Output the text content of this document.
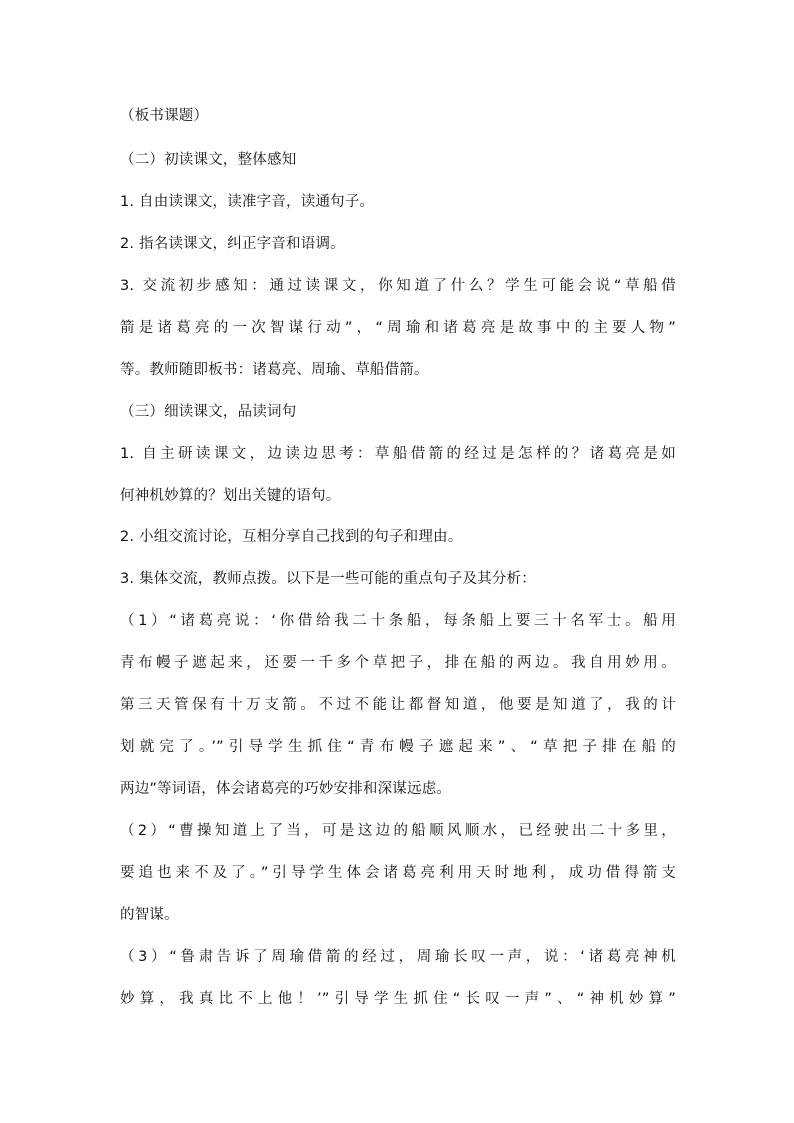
（板书课题）
（二）初读课文，整体感知
1. 自由读课文，读准字音，读通句子。
2. 指名读课文，纠正字音和语调。
3. 交流初步感知：通过读课文，你知道了什么？学生可能会说“草船借
箭是诸葛亮的一次智谋行动”，“周瑜和诸葛亮是故事中的主要人物”
等。教师随即板书：诸葛亮、周瑜、草船借箭。
（三）细读课文，品读词句
1. 自主研读课文，边读边思考：草船借箭的经过是怎样的？诸葛亮是如
何神机妙算的？划出关键的语句。
2. 小组交流讨论，互相分享自己找到的句子和理由。
3. 集体交流，教师点拨。以下是一些可能的重点句子及其分析：
（1）“诸葛亮说：‘你借给我二十条船，每条船上要三十名军士。船用
青布幔子遮起来，还要一千多个草把子，排在船的两边。我自用妙用。
第三天管保有十万支箭。不过不能让都督知道，他要是知道了，我的计
划就完了。’”引导学生抓住“青布幔子遮起来”、“草把子排在船的
两边”等词语，体会诸葛亮的巧妙安排和深谋远虑。
（2）“曹操知道上了当，可是这边的船顺风顺水，已经驶出二十多里，
要追也来不及了。”引导学生体会诸葛亮利用天时地利，成功借得箭支
的智谋。
（3）“鲁肃告诉了周瑜借箭的经过，周瑜长叹一声，说：‘诸葛亮神机
妙算，我真比不上他！’”引导学生抓住“长叹一声”、“神机妙算”
